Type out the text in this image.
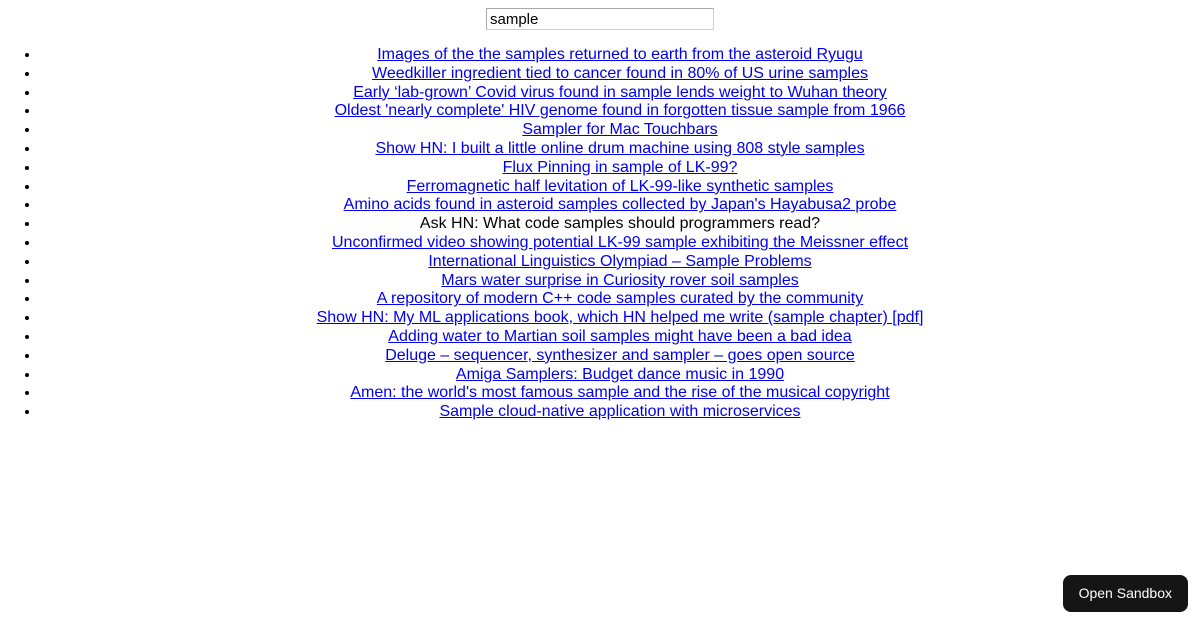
sample
• Images of the the samples returned to earth from the asteroid Ryugu
• Weedkiller ingredient tied to cancer found in 80% of US urine samples
• Early ‘lab-grown’ Covid virus found in sample lends weight to Wuhan theory
• Oldest 'nearly complete' HIV genome found in forgotten tissue sample from 1966
• Sampler for Mac Touchbars
• Show HN: I built a little online drum machine using 808 style samples
• Flux Pinning in sample of LK-99?
• Ferromagnetic half levitation of LK-99-like synthetic samples
• Amino acids found in asteroid samples collected by Japan's Hayabusa2 probe
• Ask HN: What code samples should programmers read?
• Unconfirmed video showing potential LK-99 sample exhibiting the Meissner effect
• International Linguistics Olympiad – Sample Problems
• Mars water surprise in Curiosity rover soil samples
• A repository of modern C++ code samples curated by the community
• Show HN: My ML applications book, which HN helped me write (sample chapter) [pdf]
• Adding water to Martian soil samples might have been a bad idea
• Deluge – sequencer, synthesizer and sampler – goes open source
• Amiga Samplers: Budget dance music in 1990
• Amen: the world's most famous sample and the rise of the musical copyright
• Sample cloud-native application with microservices
Open Sandbox
